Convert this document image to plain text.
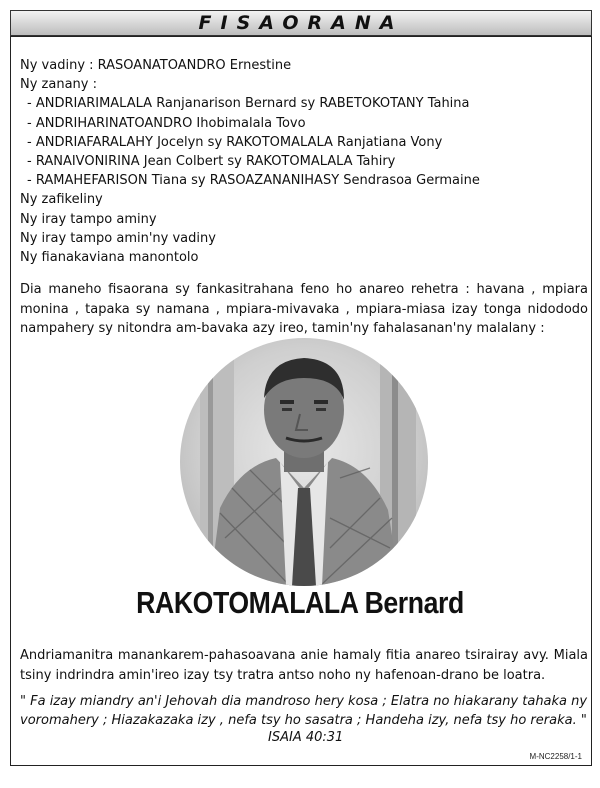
FISAORANA
Ny vadiny : RASOANATOANDRO Ernestine
Ny zanany :
- ANDRIARIMALALA Ranjanarison Bernard sy RABETOKOTANY Tahina
- ANDRIHARINATOANDRO Ihobimalala Tovo
- ANDRIAFARALAHY Jocelyn sy RAKOTOMALALA Ranjatiana Vony
- RANAIVONIRINA Jean Colbert sy RAKOTOMALALA Tahiry
- RAMAHEFARISON Tiana sy RASOAZANANIHASY Sendrasoa Germaine
Ny zafikeliny
Ny iray tampo aminy
Ny iray tampo amin'ny vadiny
Ny fianakaviana manontolo
Dia maneho fisaorana sy fankasitrahana feno ho anareo rehetra : havana , mpiara monina , tapaka sy namana , mpiara-mivavaka , mpiara-miasa izay tonga nidododo nampahery sy nitondra am-bavaka azy ireo, tamin'ny fahalasanan'ny malalany :
RAKOTOMALALA Bernard
Andriamanitra manankarem-pahasoavana anie hamaly fitia anareo tsirairay avy. Miala tsiny indrindra amin'ireo izay tsy tratra antso noho ny hafenoan-drano be loatra.
" Fa izay miandry an'i Jehovah dia mandroso hery kosa ; Elatra no hiakarany tahaka ny voromahery ; Hiazakazaka izy , nefa tsy ho sasatra ; Handeha izy, nefa tsy ho reraka. "
ISAIA 40:31
M-NC2258/1-1
